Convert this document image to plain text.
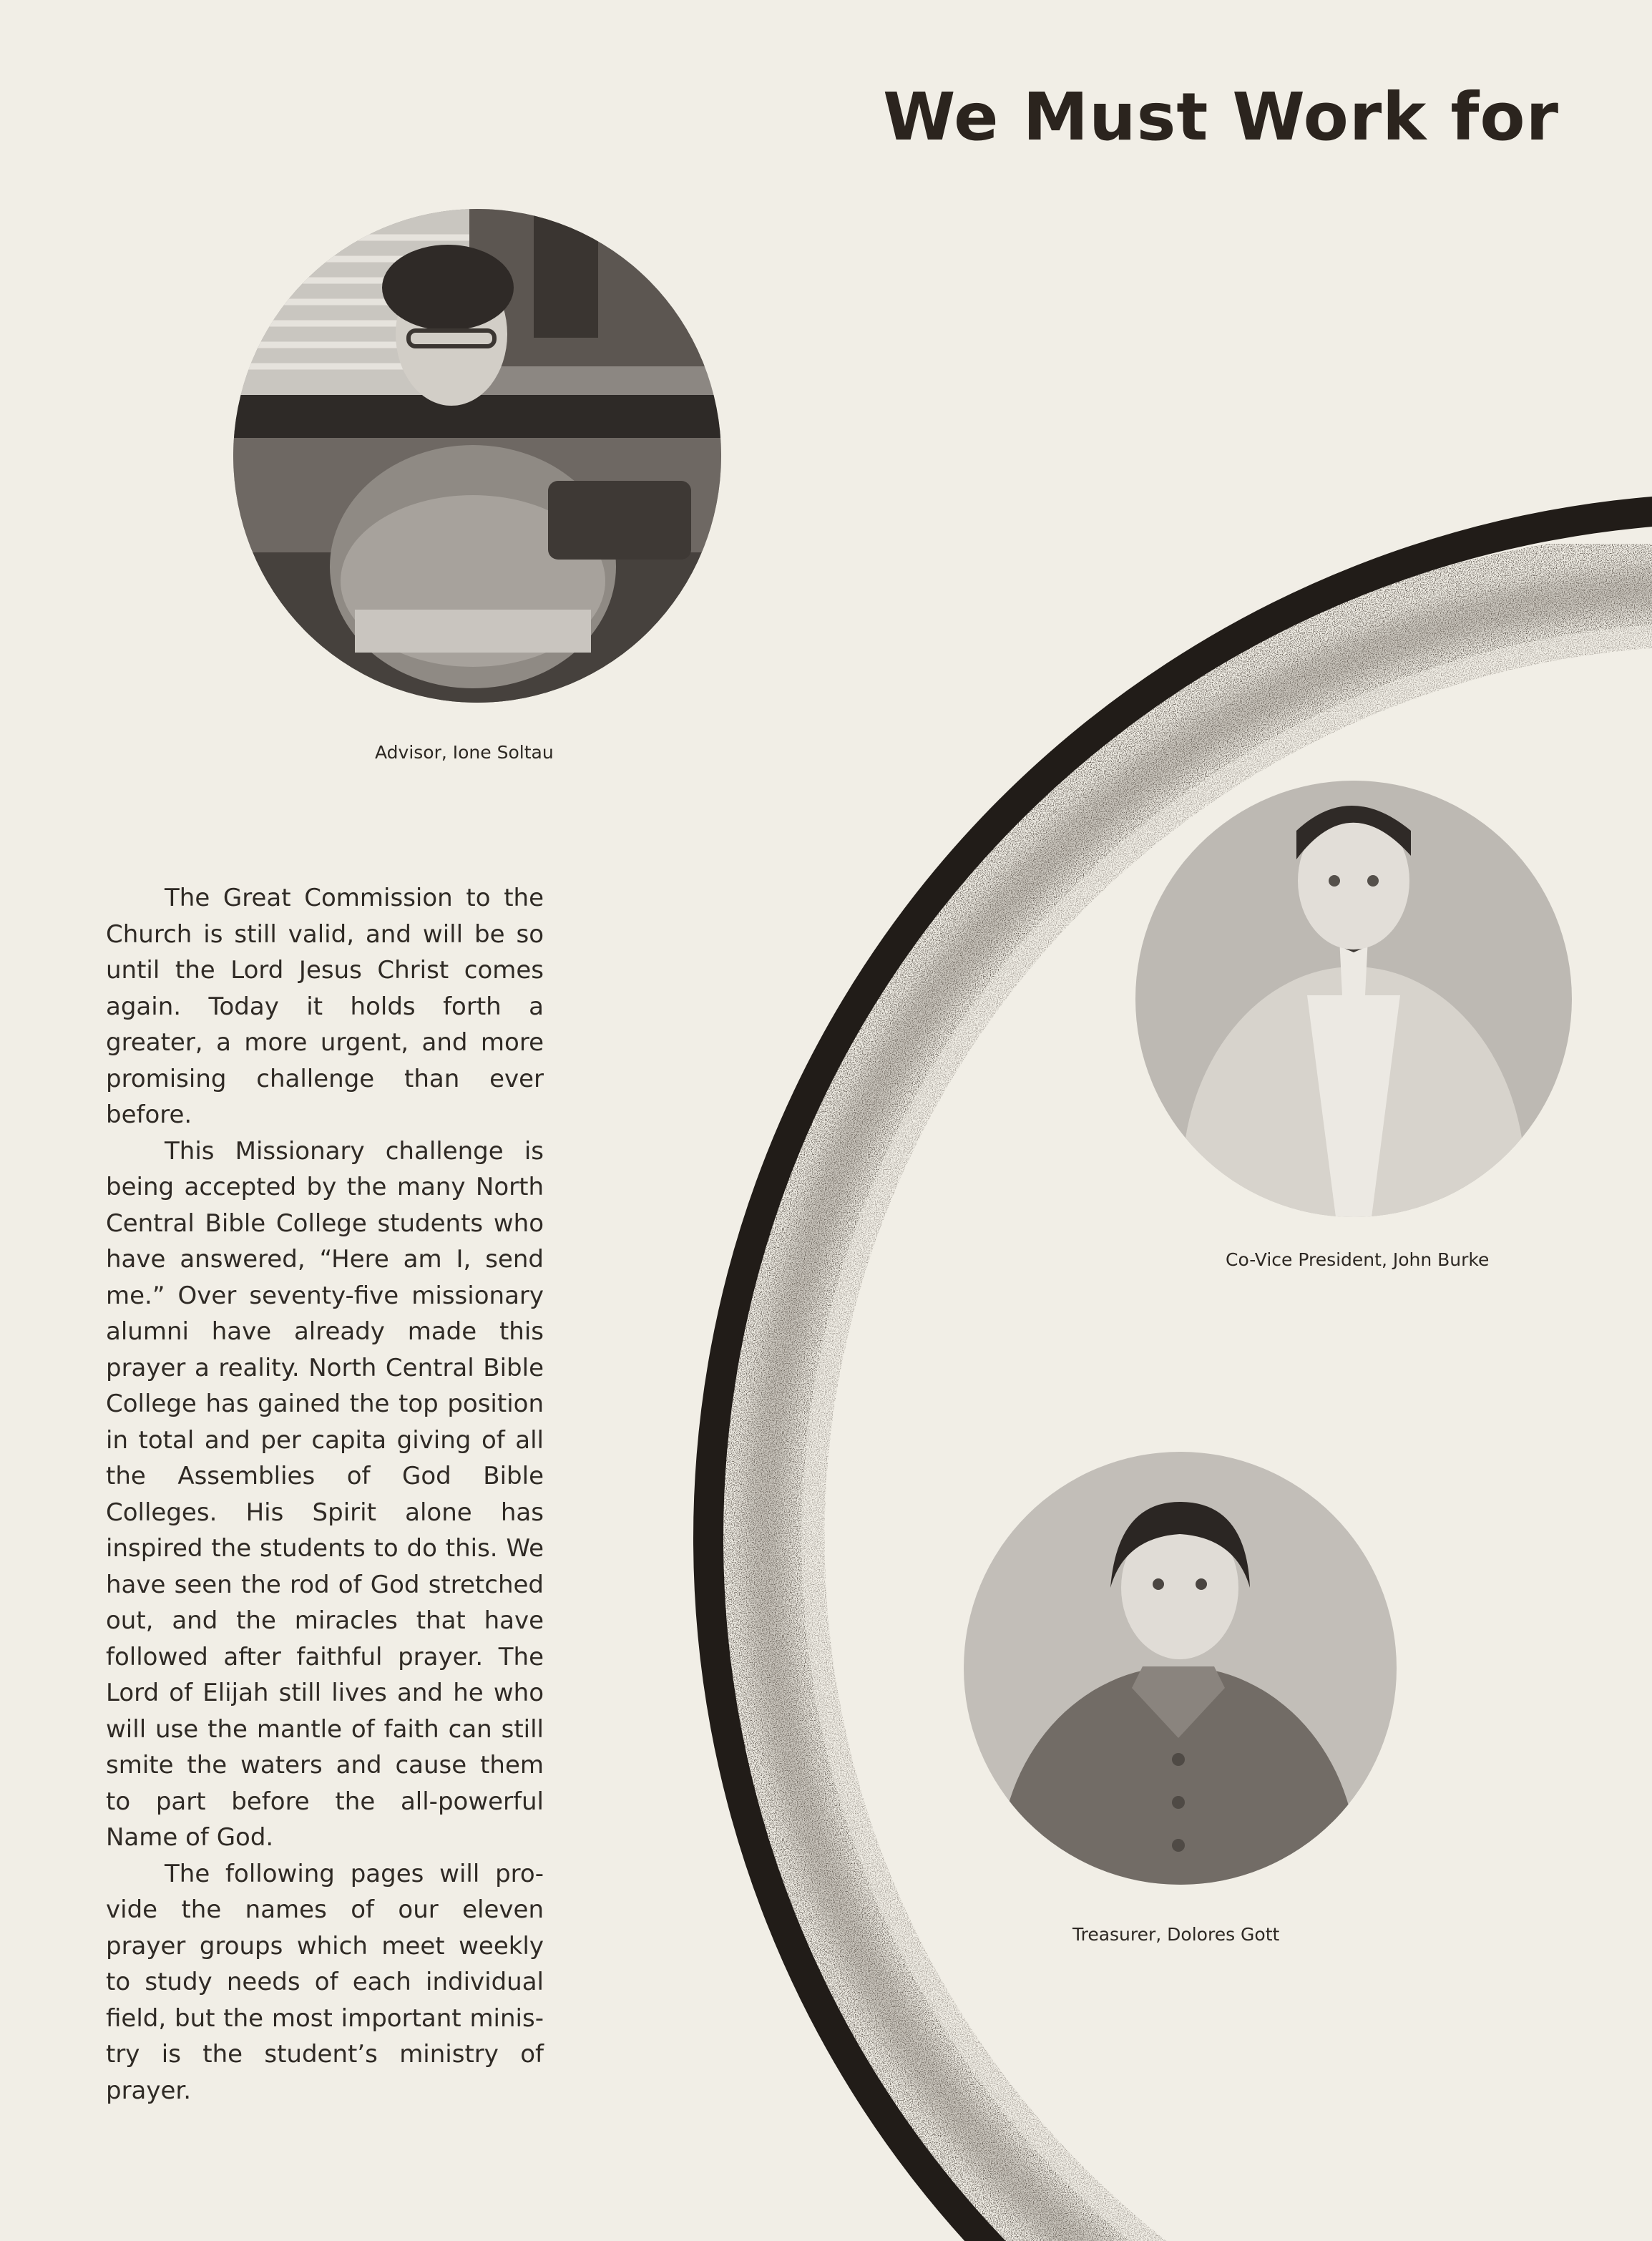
We Must Work for
Advisor, Ione Soltau
Co-Vice President, John Burke
Treasurer, Dolores Gott

The Great Commission to the Church is still valid, and will be so until the Lord Jesus Christ comes again. Today it holds forth a greater, a more urgent, and more promising challenge than ever before.

This Missionary challenge is being accepted by the many North Central Bible College students who have answered, “Here am I, send me.” Over seventy-five missionary alumni have already made this prayer a reality. North Central Bible College has gained the top position in total and per capita giving of all the Assemblies of God Bible Colleges. His Spirit alone has inspired the students to do this. We have seen the rod of God stretched out, and the miracles that have followed after faithful prayer. The Lord of Elijah still lives and he who will use the mantle of faith can still smite the waters and cause them to part before the all-powerful Name of God.

The following pages will provide the names of our eleven prayer groups which meet weekly to study needs of each individual field, but the most important ministry is the student’s ministry of prayer.
